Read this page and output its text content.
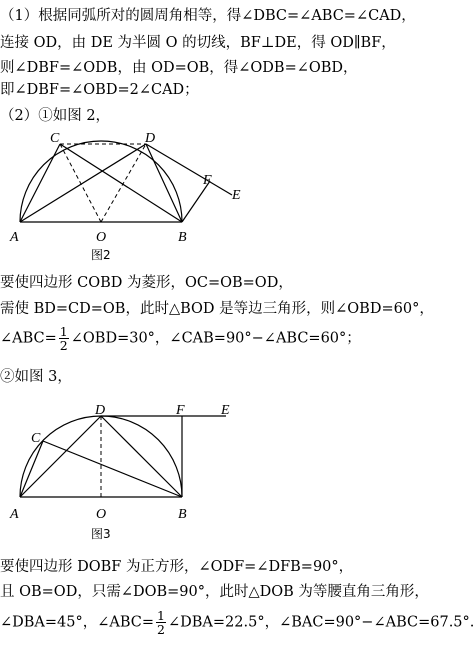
（1）根据同弧所对的圆周角相等，得∠DBC=∠ABC=∠CAD，
连接 OD，由 DE 为半圆 O 的切线，BF⊥DE，得 OD∥BF，
则∠DBF=∠ODB，由 OD=OB，得∠ODB=∠OBD，
即∠DBF=∠OBD=2∠CAD；
（2）①如图 2，
C	D
F
E
A	O	B
图2
要使四边形 COBD 为菱形，OC=OB=OD，
需使 BD=CD=OB，此时△BOD 是等边三角形，则∠OBD=60°，
∠ABC= $\frac{1}{2}$ ∠OBD=30°，∠CAB=90°−∠ABC=60°；
②如图 3，
C
D	F	E
A	O	B
图3
要使四边形 DOBF 为正方形，∠ODF=∠DFB=90°，
且 OB=OD，只需∠DOB=90°，此时△DOB 为等腰直角三角形，
∠DBA=45°，∠ABC= $\frac{1}{2}$ ∠DBA=22.5°，∠BAC=90°−∠ABC=67.5°.
